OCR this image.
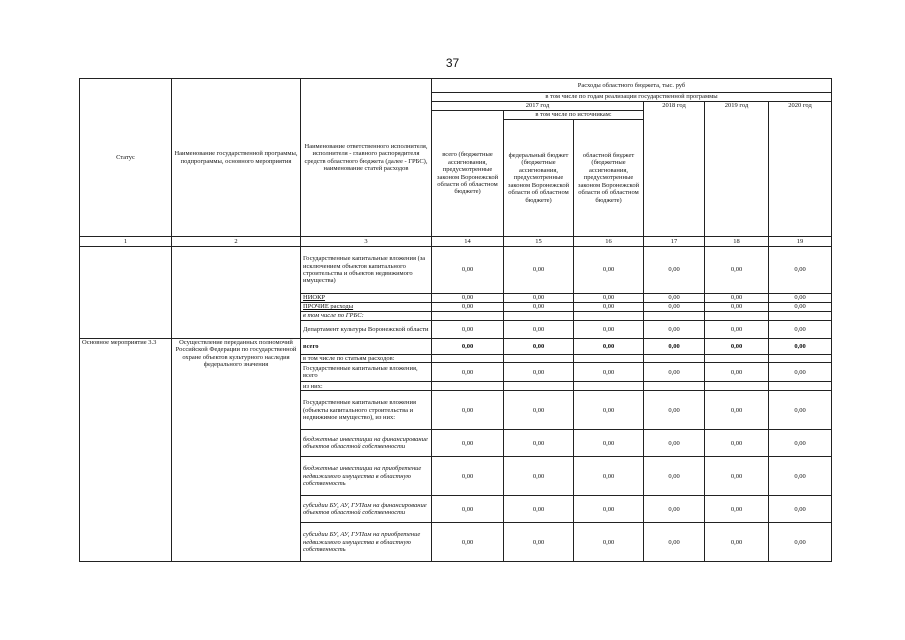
37
Статус	Наименование государственной программы, подпрограммы, основного мероприятия	Наименование ответственного исполнителя, исполнителя - главного распорядителя средств областного бюджета (далее - ГРБС), наименование статей расходов	Расходы областного бюджета, тыс. руб					
			в том числе по годам реализации государственной программы					
			2017 год			2018 год	2019 год	2020 год
			всего (бюджетные ассигнования, предусмотренные законом Воронежской области об областном бюджете)	в том числе по источникам:				
				федеральный бюджет (бюджетные ассигнования, предусмотренные законом Воронежской области об областном бюджете)	областной бюджет (бюджетные ассигнования, предусмотренные законом Воронежской области об областном бюджете)			
1	2	3	14	15	16	17	18	19
		Государственные капитальные вложения (за исключением объектов капитального строительства и объектов недвижимого имущества)	0,00	0,00	0,00	0,00	0,00	0,00
		НИОКР	0,00	0,00	0,00	0,00	0,00	0,00
		ПРОЧИЕ расходы	0,00	0,00	0,00	0,00	0,00	0,00
		в том числе по ГРБС:						
		Департамент культуры Воронежской области	0,00	0,00	0,00	0,00	0,00	0,00
Основное мероприятие 3.3	Осуществление переданных полномочий Российской Федерации по государственной охране объектов культурного наследия федерального значения	всего	0,00	0,00	0,00	0,00	0,00	0,00
		в том числе по статьям расходов:						
		Государственные капитальные вложения, всего	0,00	0,00	0,00	0,00	0,00	0,00
		из них:						
		Государственные капитальные вложения (объекты капитального строительства и недвижимое имущество), из них:	0,00	0,00	0,00	0,00	0,00	0,00
		бюджетные инвестиции на финансирование объектов областной собственности	0,00	0,00	0,00	0,00	0,00	0,00
		бюджетные инвестиции на приобретение недвижимого имущества в областную собственность	0,00	0,00	0,00	0,00	0,00	0,00
		субсидии БУ, АУ, ГУПам на финансирование объектов областной собственности	0,00	0,00	0,00	0,00	0,00	0,00
		субсидии БУ, АУ, ГУПам на приобретение недвижимого имущества в областную собственность	0,00	0,00	0,00	0,00	0,00	0,00
